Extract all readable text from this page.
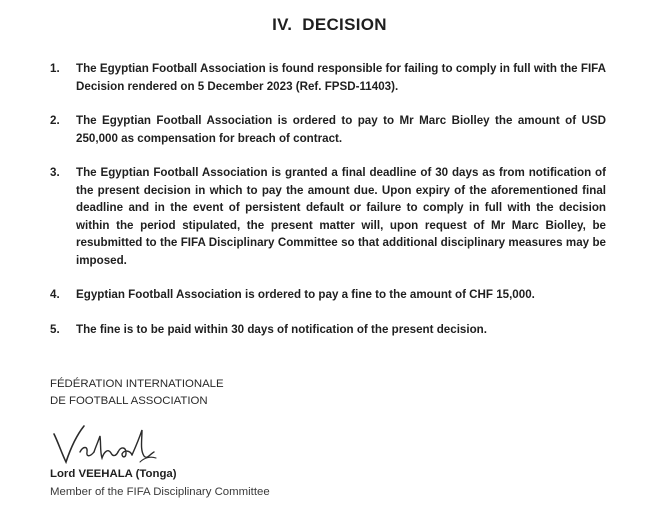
IV. DECISION
1. The Egyptian Football Association is found responsible for failing to comply in full with the FIFA Decision rendered on 5 December 2023 (Ref. FPSD-11403).
2. The Egyptian Football Association is ordered to pay to Mr Marc Biolley the amount of USD 250,000 as compensation for breach of contract.
3. The Egyptian Football Association is granted a final deadline of 30 days as from notification of the present decision in which to pay the amount due. Upon expiry of the aforementioned final deadline and in the event of persistent default or failure to comply in full with the decision within the period stipulated, the present matter will, upon request of Mr Marc Biolley, be resubmitted to the FIFA Disciplinary Committee so that additional disciplinary measures may be imposed.
4. Egyptian Football Association is ordered to pay a fine to the amount of CHF 15,000.
5. The fine is to be paid within 30 days of notification of the present decision.
FÉDÉRATION INTERNATIONALE
DE FOOTBALL ASSOCIATION
Lord VEEHALA (Tonga)
Member of the FIFA Disciplinary Committee
